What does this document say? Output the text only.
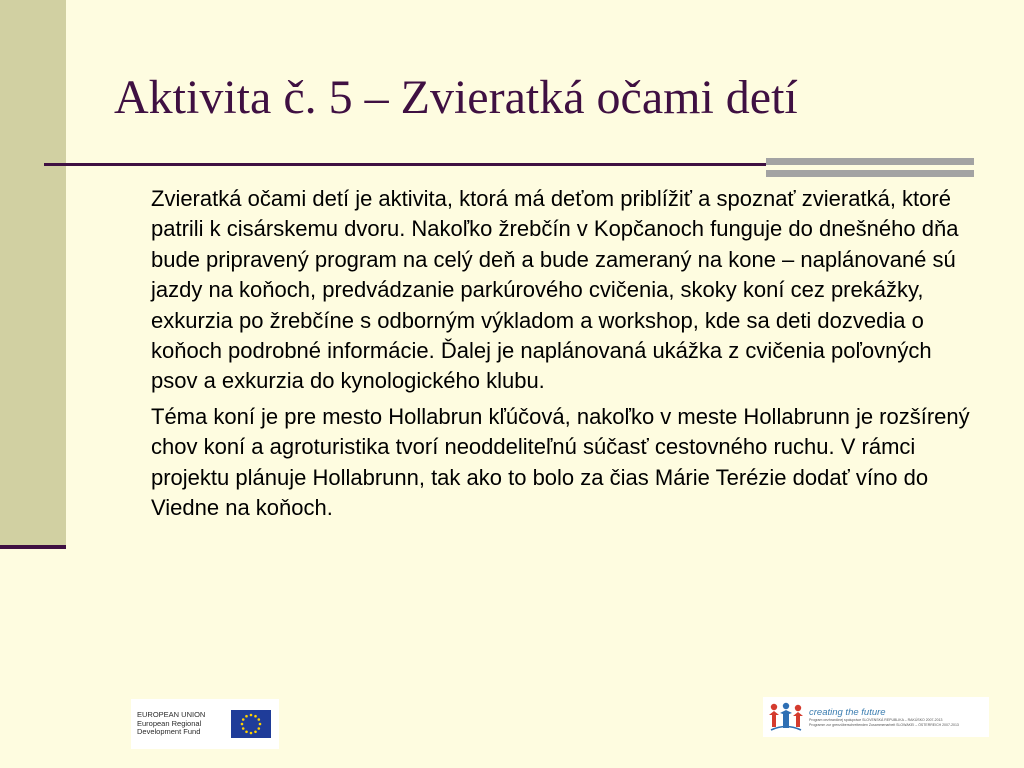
Aktivita č. 5 – Zvieratká očami detí

Zvieratká očami detí je aktivita, ktorá má deťom priblížiť a spoznať zvieratká, ktoré patrili k cisárskemu dvoru. Nakoľko žrebčín v Kopčanoch funguje do dnešného dňa bude pripravený program na celý deň a bude zameraný na kone – naplánované sú jazdy na koňoch, predvádzanie parkúrového cvičenia, skoky koní cez prekážky, exkurzia po žrebčíne s odborným výkladom a workshop, kde sa deti dozvedia o koňoch podrobné informácie. Ďalej je naplánovaná ukážka z cvičenia poľovných psov a exkurzia do kynologického klubu.

Téma koní je pre mesto Hollabrun kľúčová, nakoľko v meste Hollabrunn je rozšírený chov koní a agroturistika tvorí neoddeliteľnú súčasť cestovného ruchu. V rámci projektu plánuje Hollabrunn, tak ako to bolo za čias Márie Terézie dodať víno do Viedne na koňoch.

EUROPEAN UNION
European Regional
Development Fund
creating the future
Program cezhraničnej spolupráce SLOVENSKÁ REPUBLIKA – RAKÚSKO 2007-2013
Programm zur grenzüberschreitenden Zusammenarbeit SLOWAKEI – ÖSTERREICH 2007-2013
